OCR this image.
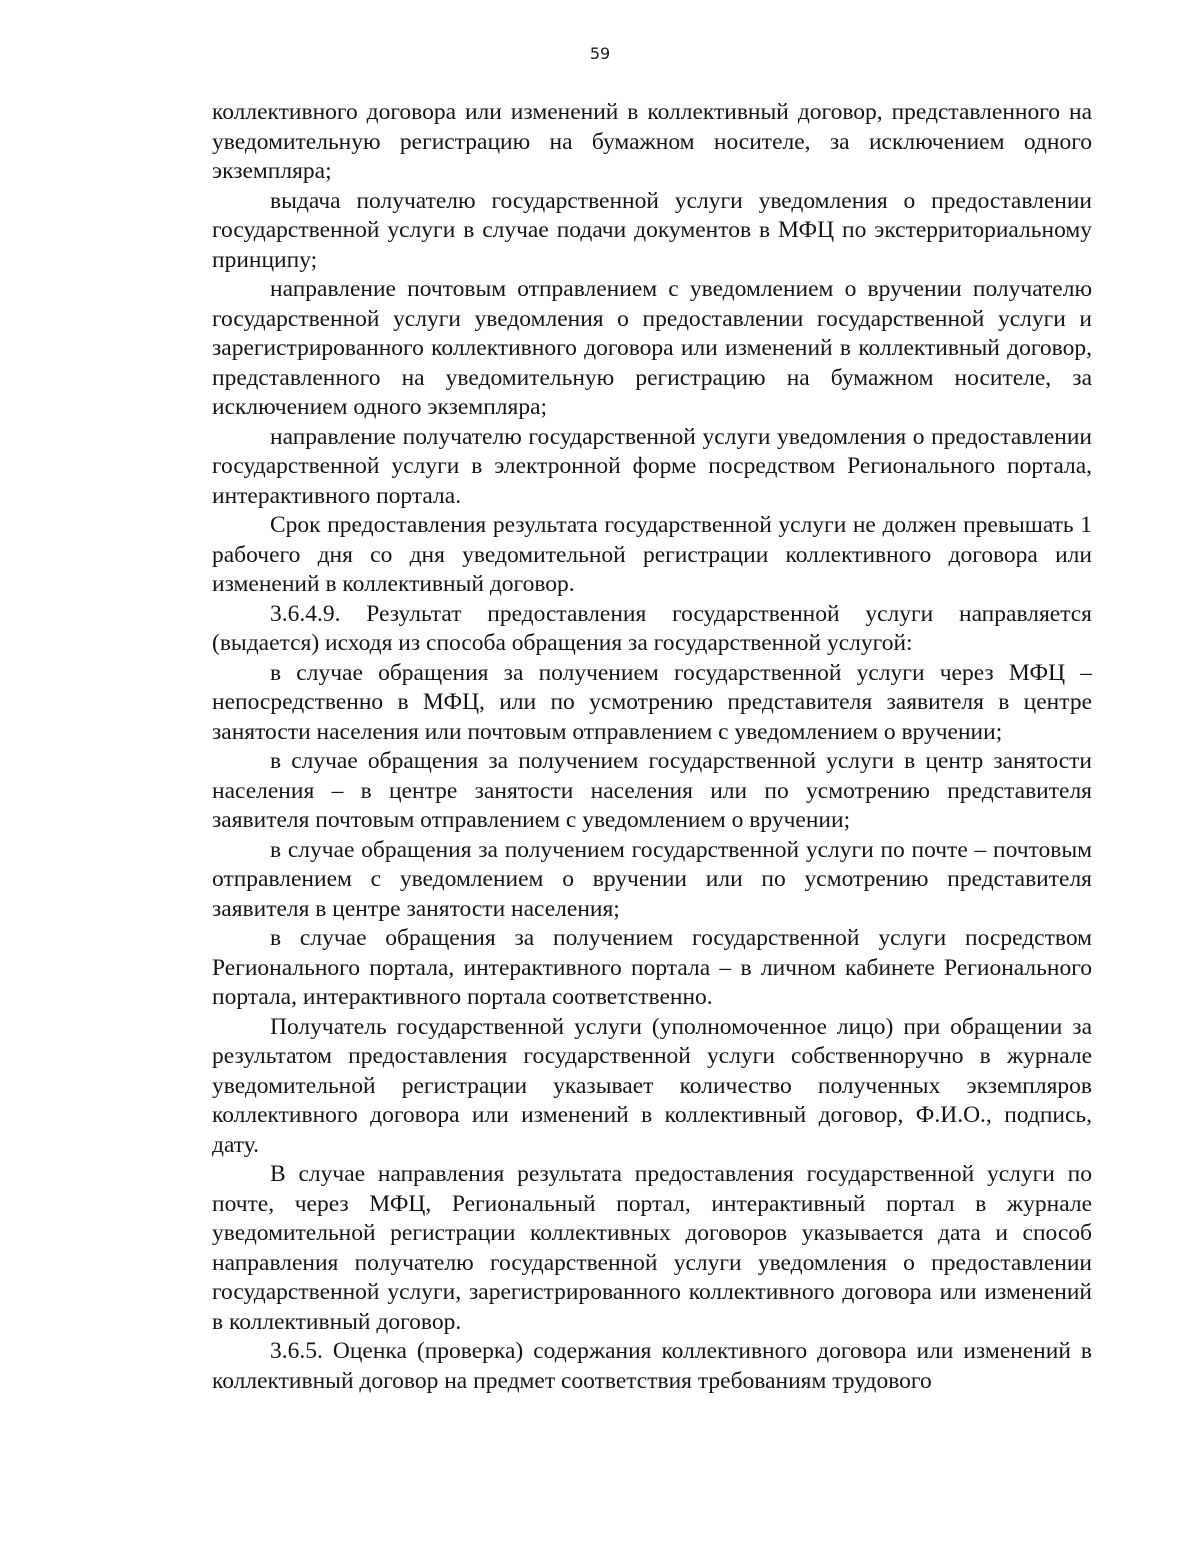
59

коллективного договора или изменений в коллективный договор, представленного на уведомительную регистрацию на бумажном носителе, за исключением одного экземпляра;

выдача получателю государственной услуги уведомления о предоставлении государственной услуги в случае подачи документов в МФЦ по экстерриториальному принципу;

направление почтовым отправлением с уведомлением о вручении получателю государственной услуги уведомления о предоставлении государственной услуги и зарегистрированного коллективного договора или изменений в коллективный договор, представленного на уведомительную регистрацию на бумажном носителе, за исключением одного экземпляра;

направление получателю государственной услуги уведомления о предоставлении государственной услуги в электронной форме посредством Регионального портала, интерактивного портала.

Срок предоставления результата государственной услуги не должен превышать 1 рабочего дня со дня уведомительной регистрации коллективного договора или изменений в коллективный договор.

3.6.4.9. Результат предоставления государственной услуги направляется (выдается) исходя из способа обращения за государственной услугой:

в случае обращения за получением государственной услуги через МФЦ – непосредственно в МФЦ, или по усмотрению представителя заявителя в центре занятости населения или почтовым отправлением с уведомлением о вручении;

в случае обращения за получением государственной услуги в центр занятости населения – в центре занятости населения или по усмотрению представителя заявителя почтовым отправлением с уведомлением о вручении;

в случае обращения за получением государственной услуги по почте – почтовым отправлением с уведомлением о вручении или по усмотрению представителя заявителя в центре занятости населения;

в случае обращения за получением государственной услуги посредством Регионального портала, интерактивного портала – в личном кабинете Регионального портала, интерактивного портала соответственно.

Получатель государственной услуги (уполномоченное лицо) при обращении за результатом предоставления государственной услуги собственноручно в журнале уведомительной регистрации указывает количество полученных экземпляров коллективного договора или изменений в коллективный договор, Ф.И.О., подпись, дату.

В случае направления результата предоставления государственной услуги по почте, через МФЦ, Региональный портал, интерактивный портал в журнале уведомительной регистрации коллективных договоров указывается дата и способ направления получателю государственной услуги уведомления о предоставлении государственной услуги, зарегистрированного коллективного договора или изменений в коллективный договор.

3.6.5. Оценка (проверка) содержания коллективного договора или изменений в коллективный договор на предмет соответствия требованиям трудового
